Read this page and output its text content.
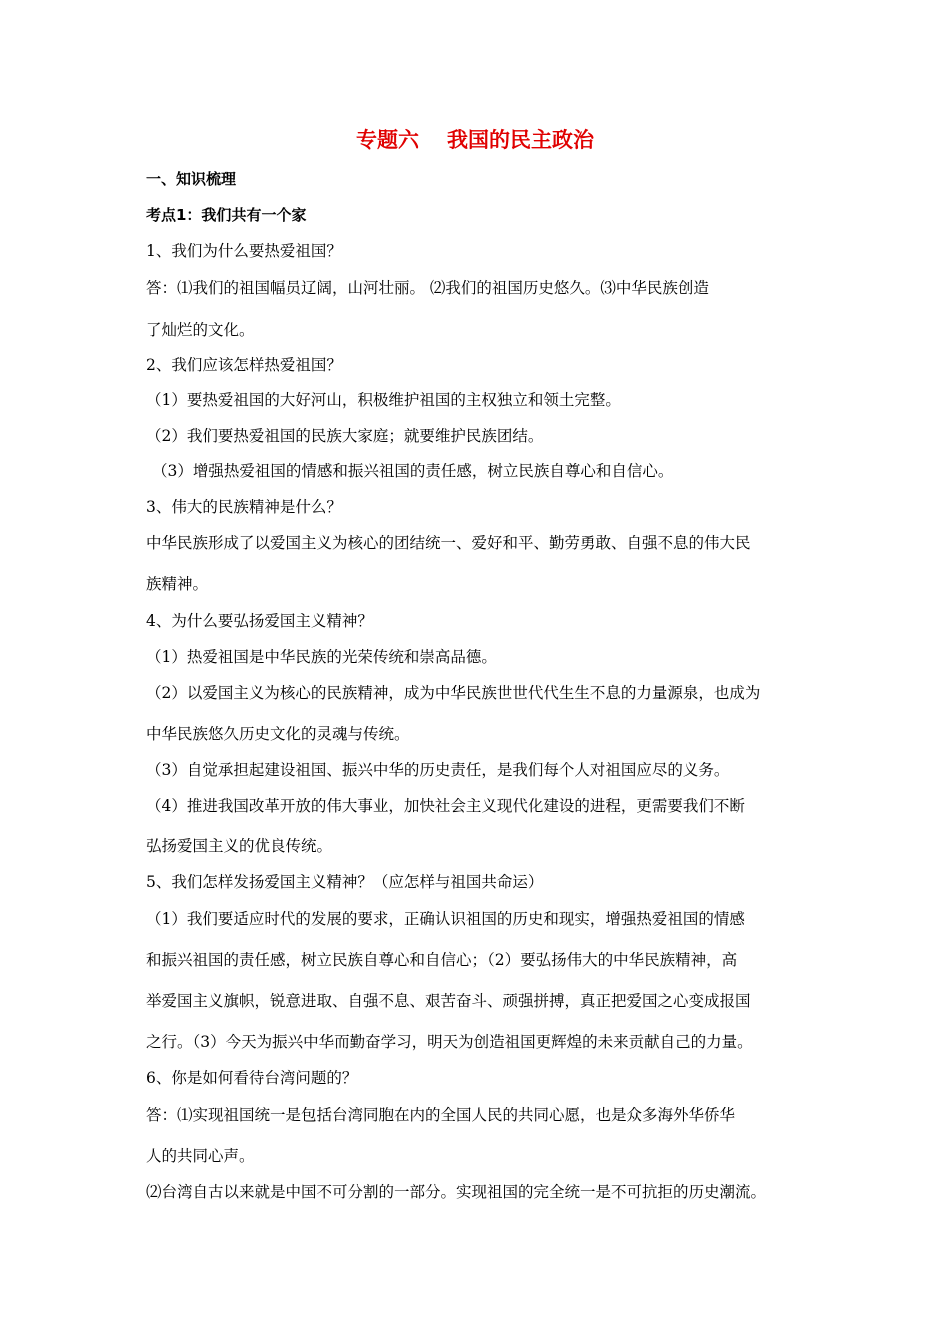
专题六 我国的民主政治
一、知识梳理
考点1：我们共有一个家
1、我们为什么要热爱祖国？
答：⑴我们的祖国幅员辽阔，山河壮丽。 ⑵我们的祖国历史悠久。⑶中华民族创造
了灿烂的文化。
2、我们应该怎样热爱祖国？
（1）要热爱祖国的大好河山，积极维护祖国的主权独立和领土完整。
（2）我们要热爱祖国的民族大家庭；就要维护民族团结。
（3）增强热爱祖国的情感和振兴祖国的责任感，树立民族自尊心和自信心。
3、伟大的民族精神是什么？
中华民族形成了以爱国主义为核心的团结统一、爱好和平、勤劳勇敢、自强不息的伟大民
族精神。
4、为什么要弘扬爱国主义精神？
（1）热爱祖国是中华民族的光荣传统和崇高品德。
（2）以爱国主义为核心的民族精神，成为中华民族世世代代生生不息的力量源泉，也成为
中华民族悠久历史文化的灵魂与传统。
（3）自觉承担起建设祖国、振兴中华的历史责任，是我们每个人对祖国应尽的义务。
（4）推进我国改革开放的伟大事业，加快社会主义现代化建设的进程，更需要我们不断
弘扬爱国主义的优良传统。
5、我们怎样发扬爱国主义精神？（应怎样与祖国共命运）
（1）我们要适应时代的发展的要求，正确认识祖国的历史和现实，增强热爱祖国的情感
和振兴祖国的责任感，树立民族自尊心和自信心；（2）要弘扬伟大的中华民族精神，高
举爱国主义旗帜，锐意进取、自强不息、艰苦奋斗、顽强拼搏，真正把爱国之心变成报国
之行。（3）今天为振兴中华而勤奋学习，明天为创造祖国更辉煌的未来贡献自己的力量。
6、你是如何看待台湾问题的？
答：⑴实现祖国统一是包括台湾同胞在内的全国人民的共同心愿，也是众多海外华侨华
人的共同心声。
⑵台湾自古以来就是中国不可分割的一部分。实现祖国的完全统一是不可抗拒的历史潮流。
